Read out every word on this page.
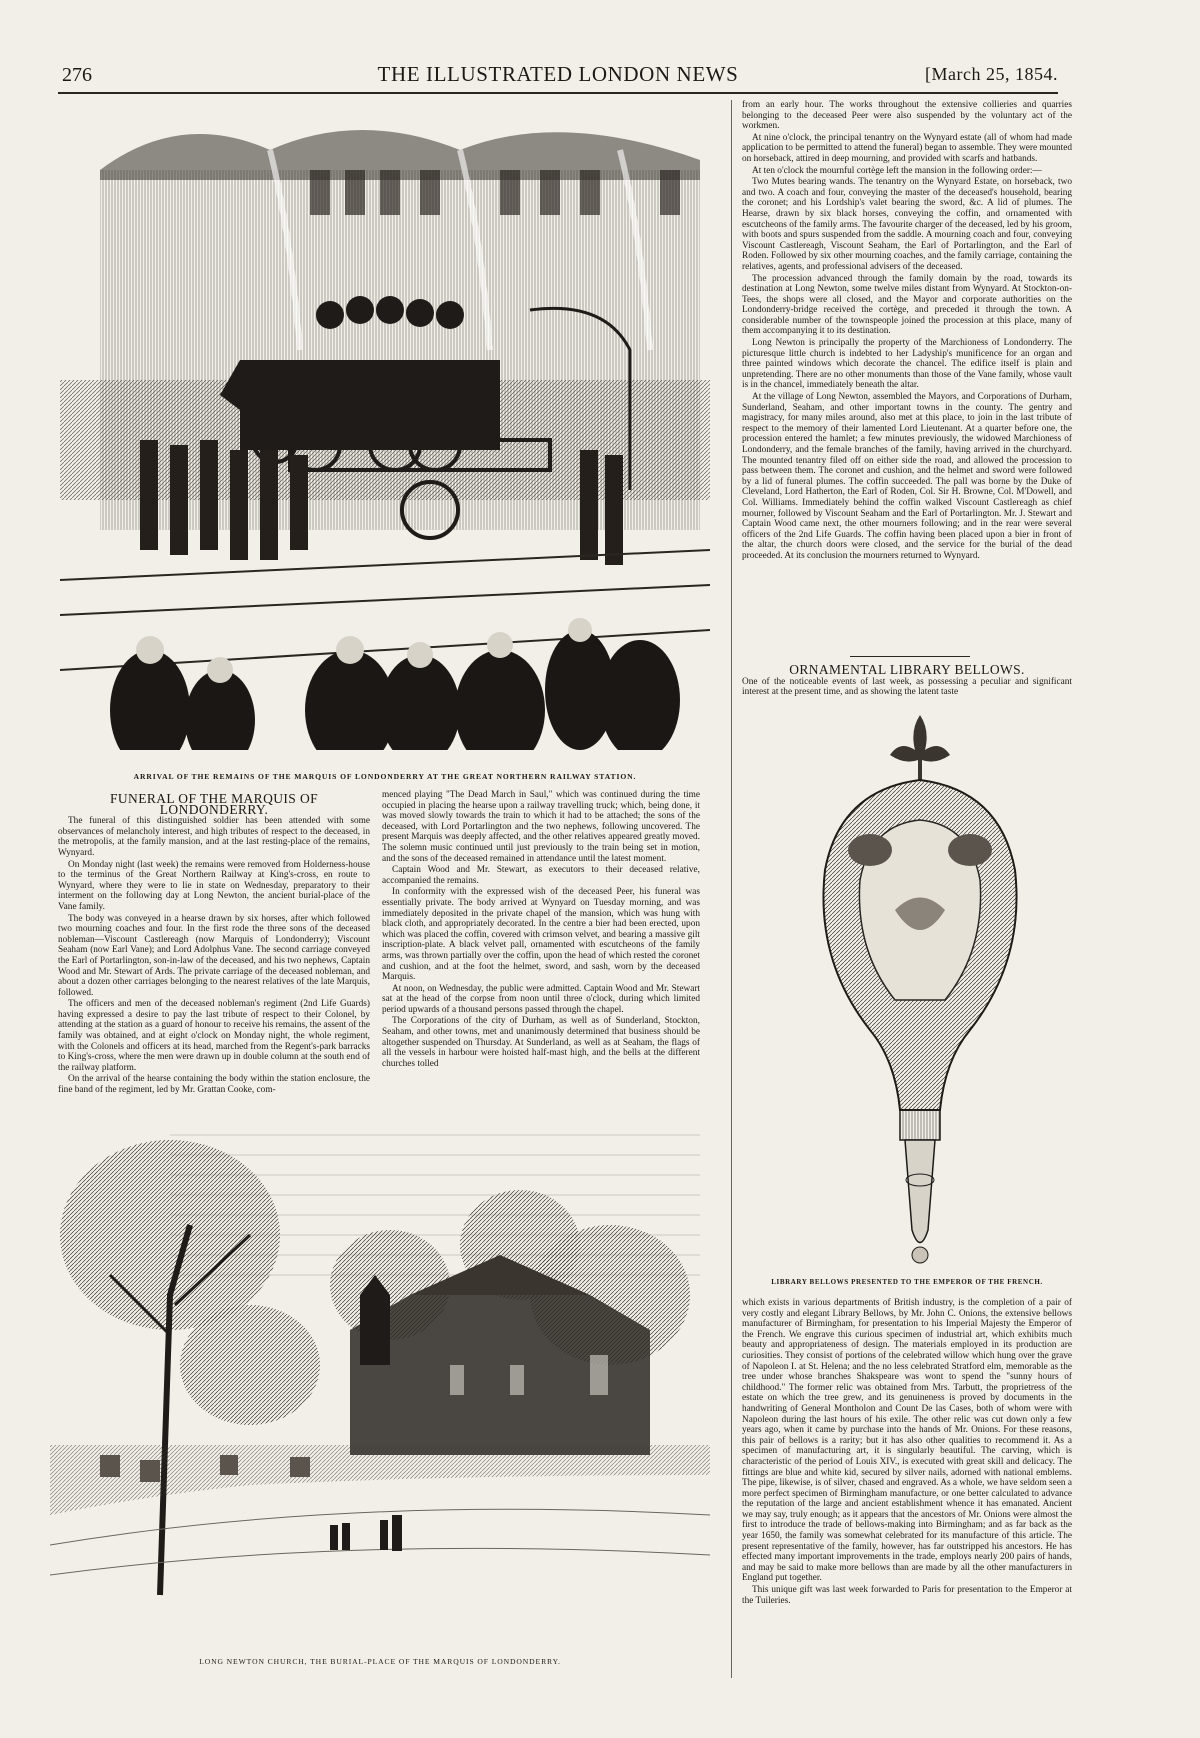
276	THE ILLUSTRATED LONDON NEWS	[March 25, 1854.
ARRIVAL OF THE REMAINS OF THE MARQUIS OF LONDONDERRY AT THE GREAT NORTHERN RAILWAY STATION.

FUNERAL OF THE MARQUIS OF LONDONDERRY.

The funeral of this distinguished soldier has been attended with some observances of melancholy interest, and high tributes of respect to the deceased, in the metropolis, at the family mansion, and at the last resting-place of the remains, Wynyard.

On Monday night (last week) the remains were removed from Holderness-house to the terminus of the Great Northern Railway at King's-cross, en route to Wynyard, where they were to lie in state on Wednesday, preparatory to their interment on the following day at Long Newton, the ancient burial-place of the Vane family.

The body was conveyed in a hearse drawn by six horses, after which followed two mourning coaches and four. In the first rode the three sons of the deceased nobleman—Viscount Castlereagh (now Marquis of Londonderry); Viscount Seaham (now Earl Vane); and Lord Adolphus Vane. The second carriage conveyed the Earl of Portarlington, son-in-law of the deceased, and his two nephews, Captain Wood and Mr. Stewart of Ards. The private carriage of the deceased nobleman, and about a dozen other carriages belonging to the nearest relatives of the late Marquis, followed.

The officers and men of the deceased nobleman's regiment (2nd Life Guards) having expressed a desire to pay the last tribute of respect to their Colonel, by attending at the station as a guard of honour to receive his remains, the assent of the family was obtained, and at eight o'clock on Monday night, the whole regiment, with the Colonels and officers at its head, marched from the Regent's-park barracks to King's-cross, where the men were drawn up in double column at the south end of the railway platform.

On the arrival of the hearse containing the body within the station enclosure, the fine band of the regiment, led by Mr. Grattan Cooke, com-

menced playing "The Dead March in Saul," which was continued during the time occupied in placing the hearse upon a railway travelling truck; which, being done, it was moved slowly towards the train to which it had to be attached; the sons of the deceased, with Lord Portarlington and the two nephews, following uncovered. The present Marquis was deeply affected, and the other relatives appeared greatly moved. The solemn music continued until just previously to the train being set in motion, and the sons of the deceased remained in attendance until the latest moment.

Captain Wood and Mr. Stewart, as executors to their deceased relative, accompanied the remains.

In conformity with the expressed wish of the deceased Peer, his funeral was essentially private. The body arrived at Wynyard on Tuesday morning, and was immediately deposited in the private chapel of the mansion, which was hung with black cloth, and appropriately decorated. In the centre a bier had been erected, upon which was placed the coffin, covered with crimson velvet, and bearing a massive gilt inscription-plate. A black velvet pall, ornamented with escutcheons of the family arms, was thrown partially over the coffin, upon the head of which rested the coronet and cushion, and at the foot the helmet, sword, and sash, worn by the deceased Marquis.

At noon, on Wednesday, the public were admitted. Captain Wood and Mr. Stewart sat at the head of the corpse from noon until three o'clock, during which limited period upwards of a thousand persons passed through the chapel.

The Corporations of the city of Durham, as well as of Sunderland, Stockton, Seaham, and other towns, met and unanimously determined that business should be altogether suspended on Thursday. At Sunderland, as well as at Seaham, the flags of all the vessels in harbour were hoisted half-mast high, and the bells at the different churches tolled

LONG NEWTON CHURCH, THE BURIAL-PLACE OF THE MARQUIS OF LONDONDERRY.

from an early hour. The works throughout the extensive collieries and quarries belonging to the deceased Peer were also suspended by the voluntary act of the workmen.

At nine o'clock, the principal tenantry on the Wynyard estate (all of whom had made application to be permitted to attend the funeral) began to assemble. They were mounted on horseback, attired in deep mourning, and provided with scarfs and hatbands.

At ten o'clock the mournful cortège left the mansion in the following order:—

Two Mutes bearing wands. The tenantry on the Wynyard Estate, on horseback, two and two. A coach and four, conveying the master of the deceased's household, bearing the coronet; and his Lordship's valet bearing the sword, &c. A lid of plumes. The Hearse, drawn by six black horses, conveying the coffin, and ornamented with escutcheons of the family arms. The favourite charger of the deceased, led by his groom, with boots and spurs suspended from the saddle. A mourning coach and four, conveying Viscount Castlereagh, Viscount Seaham, the Earl of Portarlington, and the Earl of Roden. Followed by six other mourning coaches, and the family carriage, containing the relatives, agents, and professional advisers of the deceased.

The procession advanced through the family domain by the road, towards its destination at Long Newton, some twelve miles distant from Wynyard. At Stockton-on-Tees, the shops were all closed, and the Mayor and corporate authorities on the Londonderry-bridge received the cortège, and preceded it through the town. A considerable number of the townspeople joined the procession at this place, many of them accompanying it to its destination.

Long Newton is principally the property of the Marchioness of Londonderry. The picturesque little church is indebted to her Ladyship's munificence for an organ and three painted windows which decorate the chancel. The edifice itself is plain and unpretending. There are no other monuments than those of the Vane family, whose vault is in the chancel, immediately beneath the altar.

At the village of Long Newton, assembled the Mayors, and Corporations of Durham, Sunderland, Seaham, and other important towns in the county. The gentry and magistracy, for many miles around, also met at this place, to join in the last tribute of respect to the memory of their lamented Lord Lieutenant. At a quarter before one, the procession entered the hamlet; a few minutes previously, the widowed Marchioness of Londonderry, and the female branches of the family, having arrived in the churchyard. The mounted tenantry filed off on either side the road, and allowed the procession to pass between them. The coronet and cushion, and the helmet and sword were followed by a lid of funeral plumes. The coffin succeeded. The pall was borne by the Duke of Cleveland, Lord Hatherton, the Earl of Roden, Col. Sir H. Browne, Col. M'Dowell, and Col. Williams. Immediately behind the coffin walked Viscount Castlereagh as chief mourner, followed by Viscount Seaham and the Earl of Portarlington. Mr. J. Stewart and Captain Wood came next, the other mourners following; and in the rear were several officers of the 2nd Life Guards. The coffin having been placed upon a bier in front of the altar, the church doors were closed, and the service for the burial of the dead proceeded. At its conclusion the mourners returned to Wynyard.

ORNAMENTAL LIBRARY BELLOWS.

One of the noticeable events of last week, as possessing a peculiar and significant interest at the present time, and as showing the latent taste

LIBRARY BELLOWS PRESENTED TO THE EMPEROR OF THE FRENCH.

which exists in various departments of British industry, is the completion of a pair of very costly and elegant Library Bellows, by Mr. John C. Onions, the extensive bellows manufacturer of Birmingham, for presentation to his Imperial Majesty the Emperor of the French. We engrave this curious specimen of industrial art, which exhibits much beauty and appropriateness of design. The materials employed in its production are curiosities. They consist of portions of the celebrated willow which hung over the grave of Napoleon I. at St. Helena; and the no less celebrated Stratford elm, memorable as the tree under whose branches Shakspeare was wont to spend the "sunny hours of childhood." The former relic was obtained from Mrs. Tarbutt, the proprietress of the estate on which the tree grew, and its genuineness is proved by documents in the handwriting of General Montholon and Count De las Cases, both of whom were with Napoleon during the last hours of his exile. The other relic was cut down only a few years ago, when it came by purchase into the hands of Mr. Onions. For these reasons, this pair of bellows is a rarity; but it has also other qualities to recommend it. As a specimen of manufacturing art, it is singularly beautiful. The carving, which is characteristic of the period of Louis XIV., is executed with great skill and delicacy. The fittings are blue and white kid, secured by silver nails, adorned with national emblems. The pipe, likewise, is of silver, chased and engraved. As a whole, we have seldom seen a more perfect specimen of Birmingham manufacture, or one better calculated to advance the reputation of the large and ancient establishment whence it has emanated. Ancient we may say, truly enough; as it appears that the ancestors of Mr. Onions were almost the first to introduce the trade of bellows-making into Birmingham; and as far back as the year 1650, the family was somewhat celebrated for its manufacture of this article. The present representative of the family, however, has far outstripped his ancestors. He has effected many important improvements in the trade, employs nearly 200 pairs of hands, and may be said to make more bellows than are made by all the other manufacturers in England put together.

This unique gift was last week forwarded to Paris for presentation to the Emperor at the Tuileries.
